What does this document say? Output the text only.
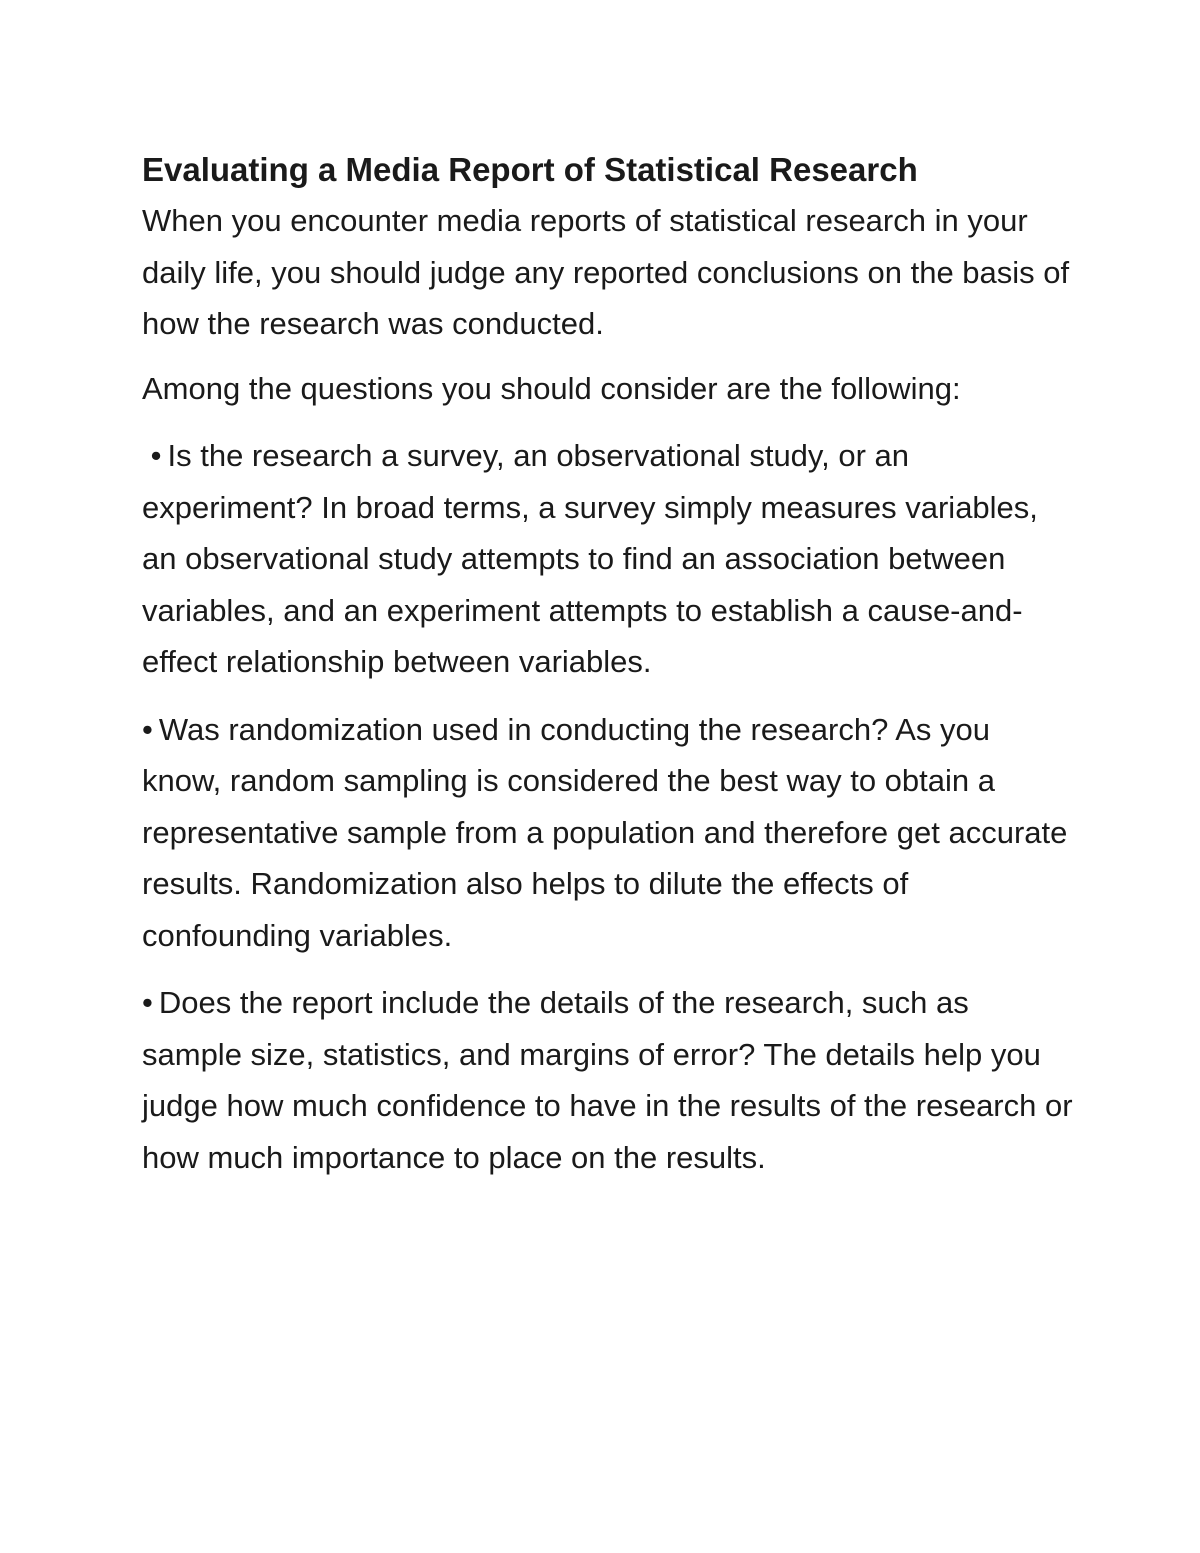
Evaluating a Media Report of Statistical Research

When you encounter media reports of statistical research in your daily life, you should judge any reported conclusions on the basis of how the research was conducted.

Among the questions you should consider are the following:

• Is the research a survey, an observational study, or an experiment? In broad terms, a survey simply measures variables, an observational study attempts to find an association between variables, and an experiment attempts to establish a cause-and-effect relationship between variables.

• Was randomization used in conducting the research? As you know, random sampling is considered the best way to obtain a representative sample from a population and therefore get accurate results. Randomization also helps to dilute the effects of confounding variables.

• Does the report include the details of the research, such as sample size, statistics, and margins of error? The details help you judge how much confidence to have in the results of the research or how much importance to place on the results.
